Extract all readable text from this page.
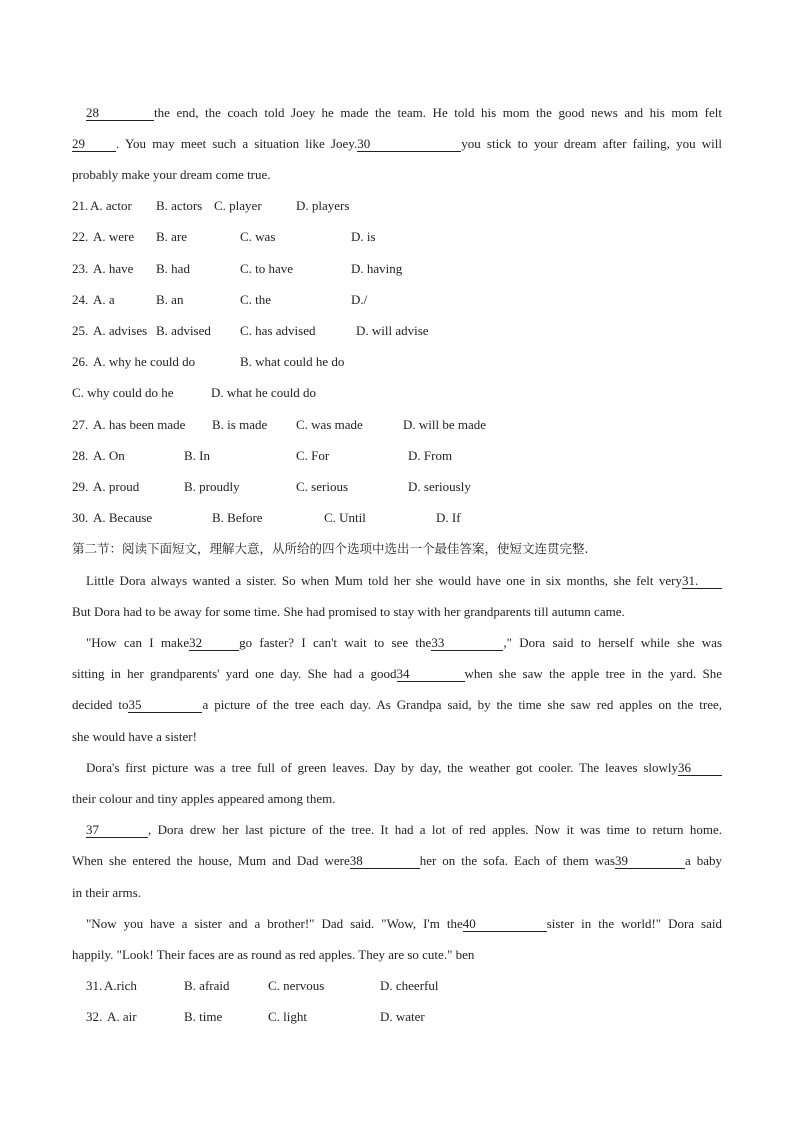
28	the end, the coach told Joey he made the team. He told his mom the good news and his mom felt
29 . You may meet such a situation like Joey.30	you stick to your dream after failing, you will
probably make your dream come true.
21. A. actor B. actors C. player	D. players
22. A. were B. are	C. was	D. is
23. A. have B. had	C. to have	D. having
24. A. a	B. an	C. the	D./
25. A. advises B. advised C. has advised	D. will advise
26. A. why he could do	B. what could he do
C. why could do he	D. what he could do
27. A. has been made B. is made C. was made	D. will be made
28. A. On	B. In	C. For	D. From
29. A. proud	B. proudly	C. serious	D. seriously
30. A. Because	B. Before	C. Until	D. If
第二节：阅读下面短文，理解大意，从所给的四个选项中选出一个最佳答案，使短文连贯完整.
Little Dora always wanted a sister. So when Mum told her she would have one in six months, she felt very31.
But Dora had to be away for some time. She had promised to stay with her grandparents till autumn came.
"How can I make32	go faster? I can't wait to see the33	," Dora said to herself while she was
sitting in her grandparents' yard one day. She had a good34	when she saw the apple tree in the yard. She
decided to35	a picture of the tree each day. As Grandpa said, by the time she saw red apples on the tree,
she would have a sister!
Dora's first picture was a tree full of green leaves. Day by day, the weather got cooler. The leaves slowly36
their colour and tiny apples appeared among them.
37	, Dora drew her last picture of the tree. It had a lot of red apples. Now it was time to return home.
When she entered the house, Mum and Dad were38	her on the sofa. Each of them was39	a baby
in their arms.
"Now you have a sister and a brother!" Dad said. "Wow, I'm the40	sister in the world!" Dora said
happily. "Look! Their faces are as round as red apples. They are so cute." ben
31. A.rich	B. afraid	C. nervous	D. cheerful
32. A. air	B. time	C. light	D. water
